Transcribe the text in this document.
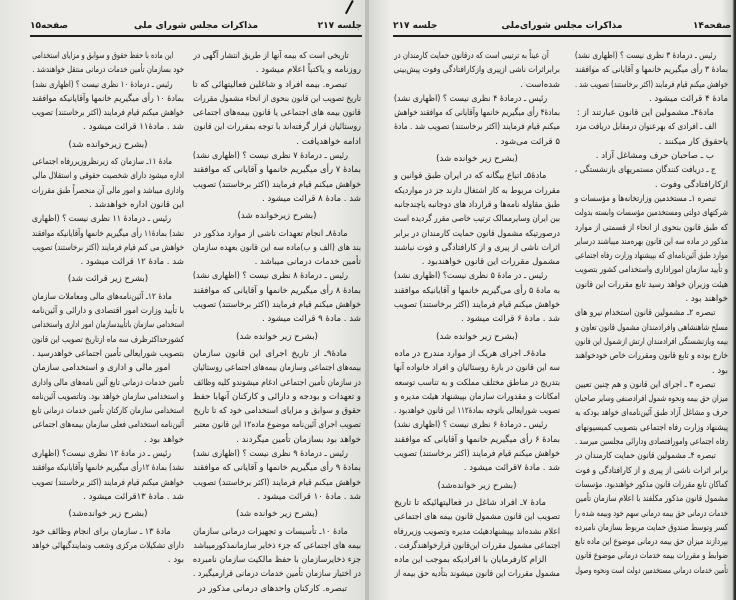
جلسه ۲۱۷
مذاکرات مجلس شورای ملی
صفحه۱۵
تاریخی است که بیمه آنها از طریق انتشار آگهی در
روزنامه و یاکتباً اعلام میشود .
تبصره. بیمه افراد و شاغلین فعالیتهائی که تا
تاریخ تصویب این قانون بنحوی از انحاء مشمول مقررات
قانون بیمه های اجتماعی یا قانون بیمه‌های اجتماعی
روستائیان قرار گرفته‌اند با توجه بمقررات این قانون
ادامه خواهدیافت .
رئیس ـ درمادهٔ ۷ نظری نیست ؟ (اظهاری نشد)
بمادهٔ ۷ رأی میگیریم خانمها و آقایانی که موافقند
خواهش میکنم قیام فرمایند (اکثر برخاستند) تصویب
شد . مادهٔ ۸ قرائت میشود .
(بشرح زیرخوانده شد)
مادهٔ۸ـ انجام تعهدات ناشی از موارد مذکور در
بند های (الف و ب)ماده سه این قانون بعهده سازمان
تأمین خدمات درمانی میباشد .
رئیس ـ درمادهٔ ۸ نظری نیست ؟ (اظهاری نشد)
بمادهٔ ۸ رأی میگیریم خانمها و آقایانی که موافقند
خواهش میکنم قیام فرمایند (اکثر برخاستند) تصویب
شد . مادهٔ ۹ قرائت میشود .
(بشرح زیر خوانده شد)
مادهٔ۹ـ از تاریخ اجرای این قانون سازمان
بیمه‌های اجتماعی وسازمان بیمه‌های اجتماعی روستائیان
در سازمان تأمین اجتماعی ادغام میشوندو کلیه وظائف
و تعهدات و بودجه و دارائی و کارکنان آنهابا حفظ
حقوق و سوابق و مزایای استخدامی خود که تا تاریخ
تصویب اجرای آئین‌نامه موضوع ماده۱۲ این قانون معتبر
خواهد بود بسازمان تأمین میگردند .
رئیس ـ درمادهٔ ۹ نظری نیست ؟ (اظهاری نشد)
بمادهٔ ۹ رأی میگیریم خانمها و آقایانی که موافقند
خواهش میکنم قیام فرمایند (اکثر برخاستند) تصویب
شد . مادهٔ ۱۰ قرائت میشود .
(بشرح زیر خوانده شد)
مادهٔ ۱۰ـ تأسیسات و تجهیزات درمانی سازمان
بیمه های اجتماعی که جزء ذخایر سازمانمذکورمیباشد
جزء ذخایرسازمان با حفظ مالکیت سازمان نامبرده
در اختیار سازمان تأمین خدمات درمانی قرارمیگیرد .
تبصره. کارکنان واحدهای درمانی مذکور در
این ماده با حفظ حقوق و سوابق و مزایای استخدامی
خود بسازمان تأمین خدمات درمانی منتقل خواهندشد .
رئیس ـ درمادهٔ ۱۰ نظری نیست ؟ (اظهاری نشد)
بمادهٔ ۱۰ رأی میگیریم خانمها وآقایانیکه موافقند
خواهش میکنم قیام فرمایند (اکثر برخاستند) تصویب
شد . مادهٔ۱۱ قرائت میشود .
(بشرح زیرخوانده شد)
مادهٔ ۱۱ـ سازمان که زیرنظروزیررفاه اجتماعی
اداره میشود دارای شخصیت حقوقی و استقلال مالی
واداری میباشد و امور مالی آن منحصراً طبق مقررات
این قانون اداره خواهدشد .
رئیس ـ درمادهٔ ۱۱ نظری نیست ؟ (اظهاری
نشد) بمادهٔ۱۱ رأی میگیریم خانمها وآقایانیکه موافقند
خواهش می کنم قیام فرمایند (اکثر برخاستند) تصویب
شد . مادهٔ ۱۲ قرائت میشود .
(بشرح زیر قرائت شد)
مادهٔ ۱۲ـ آئین‌نامه‌های مالی ومعاملات سازمان
با تأیید وزارت امور اقتصادی و دارائی و آئین‌نامه
استخدامی سازمان باتأییدسازمان امور اداری واستخدامی
کشورحداکثرظرف سه ماه ازتاریخ تصویب این قانون
بتصویب شورایعالی تأمین اجتماعی خواهدرسید .
امور مالی و اداری و استخدامی سازمان
تأمین خدمات درمانی تابع آئین نامه‌های مالی واداری
و استخدامی سازمان خواهد بود. وتاتصویب آئین‌نامه
استخدامی سازمان کارکنان تأمین خدمات درمانی تابع
آئین‌نامه استخدامی فعلی سازمان بیمه‌های اجتماعی
خواهد بود .
رئیس ـ در مادهٔ ۱۲ نظری نیست؟ (اظهاری
نشد) بمادهٔ ۱۲رأی میگیریم خانمها وآقایانیکه موافقند
خواهش میکنم قیام فرمایند (اکثر برخاستند) تصویب
شد . مادهٔ ۱۳قرائت میشود .
(بشرح زیر خوانده‌شد)
مادهٔ ۱۳ ـ سازمان برای انجام وظائف خود
دارای تشکیلات مرکزی وشعب ونمایندگیهائی خواهد
بود .
صفحه۱۴
مذاکرات مجلس شورای‌ملی
جلسه ۲۱۷
رئیس ـ درمادهٔ ۳ نظری نیست ؟ (اظهاری نشد)
بمادهٔ ۳ رأی میگیریم خانمها و آقایانی که موافقند
خواهش میکنم قیام فرمایند (اکثر برخاستند) تصویب شد .
مادهٔ ۴ قرائت میشود .
مادهٔ۴ـ مشمولین این قانون عبارتند از :
الف ـ افرادی که بهرعنوان درمقابل دریافت مزد
یاحقوق کار میکنند .
ب ـ صاحبان حرف ومشاغل آزاد .
ج ـ دریافت کنندگان مستمریهای بازنشستگی ،
ازکارافتادگی وفوت .
تبصره ۱ـ مستخدمین وزارتخانه‌ها و مؤسسات و
شرکتهای دولتی ومستخدمین مؤسسات وابسته بدولت
که طبق قانون بنحوی از انحاء از قسمتی از موارد
مذکور در ماده سه این قانون بهره‌مند میباشند درسایر
موارد طبق آئین‌نامه‌ای که بپیشنهاد وزارت رفاه اجتماعی
و تأیید سازمان اموراداری واستخدامی کشور بتصویب
هیئت وزیران خواهد رسید تابع مقررات این قانون
خواهند بود .
تبصره ۲ـ مشمولین قانون استخدام نیرو های
مسلح شاهنشاهی وافرادمندان مشمول قانون تعاون و
بیمه وبازنشستگی افرادمندان ارتش ازشمول این قانون
خارج بوده و تابع قانون ومقررات خاص خودخواهند
بود .
تبصره ۳ ـ اجرای این قانون و هم چنین تعیین
میزان حق بیمه ونحوه شمول افرادصنفی وسایر صاحبان
حرف و مشاغل آزاد طبق آئین‌نامه‌ای خواهد بودکه به
پیشنهاد وزارت رفاه اجتماعی بتصویب کمیسیونهای
رفاه اجتماعی وامورافتصادی ودارائی مجلسین میرسد .
تبصره ۴ـ مشمولین قانون حمایت کارمندان در
برابر اثرات ناشی از پیری و از کارافتادگی و فوت
کماکان تابع مقررات قانون مذکور خواهندبود. مؤسسات
مشمول قانون مذکور مکلفند با اعلام سازمان تأمین
خدمات درمانی حق بیمه درمانی سهم خود وبیمه شده را
کسر وتوسط صندوق حمایت مربوط بسازمان نامبرده
بپردازند میزان حق بیمه درمانی موضوع این ماده تابع
ضوابط و مقررات بیمه خدمات درمانی موضوع قانون
تأمین خدمات درمانی مستخدمین دولت است ونحوه وصول
آن عیناً به ترتیبی است که درقانون حمایت کارمندان در
برابراثرات ناشی ازپیری وازکارافتادگی وفوت پیش‌بینی
شده‌است .
رئیس ـ درمادهٔ ۴ نظری نیست ؟ (اظهاری نشد)
بمادهٔ۴ رأی میگیریم خانمها وآقایانی که موافقند خواهش
میکنم قیام فرمایند (اکثر برخاستند) تصویب شد . مادهٔ
۵ قرائت می‌شود .
(بشرح زیر خوانده شد)
مادهٔ۵ـ اتباع بیگانه که در ایران طبق قوانین و
مقررات مربوط به کار اشتغال دارند جز در مواردیکه
طبق مقاوله نامه‌ها و قرارداد های دوجانبه یاچندجانبه
بین ایران وسایرممالک ترتیب خاصی مقرر گردیده است
درصورتیکه مشمول قانون حمایت کارمندان در برابر
اثرات ناشی از پیری و از کارافتادگی و فوت نباشند
مشمول مقررات این قانون خواهندبود .
رئیس ـ در مادهٔ ۵ نظری نیست؟ (اظهاری نشد)
به مادهٔ ۵ رأی می‌گیریم خانمها و آقایانیکه موافقند
خواهش میکنم قیام فرمایند (اکثر برخاستند) تصویب
شد . مادهٔ ۶ قرائت میشود .
(بشرح زیر خوانده شد)
مادهٔ۶ـ اجرای هریک از موارد مندرج در ماده
سه این قانون در بارهٔ روستائیان و افراد خانواده آنها
بتدریج در مناطق مختلف مملکت و به تناسب توسعه
امکانات و مقدورات سازمان بپیشنهاد هیئت مدیره و
تصویب شورایعالی باتوجه بمادهٔ۱۱۲ این قانون خواهدبود .
رئیس ـ درمادهٔ ۶ نظری نیست ؟ (اظهاری نشد)
بمادهٔ ۶ رأی میگیریم خانمها و آقایانی که موافقند
خواهش میکنم قیام فرمایند (اکثر برخاستند) تصویب
شد . مادهٔ ۷قرائت میشود .
(بشرح زیر خوانده‌شد)
مادهٔ ۷ـ افراد شاغل در فعالیتهائیکه تا تاریخ
تصویب این قانون مشمول قانون بیمه های اجتماعی
اعلام نشده‌اند بپیشنهادهیئت مدیره وتصویب وزیررفاه
اجتماعی مشمول مقررات این‌قانون قرارخواهندگرفت .
الزام کارفرمایان با افرادیکه بموجب این ماده
مشمول مقررات این قانون میشوند بتأدیه حق بیمه از
